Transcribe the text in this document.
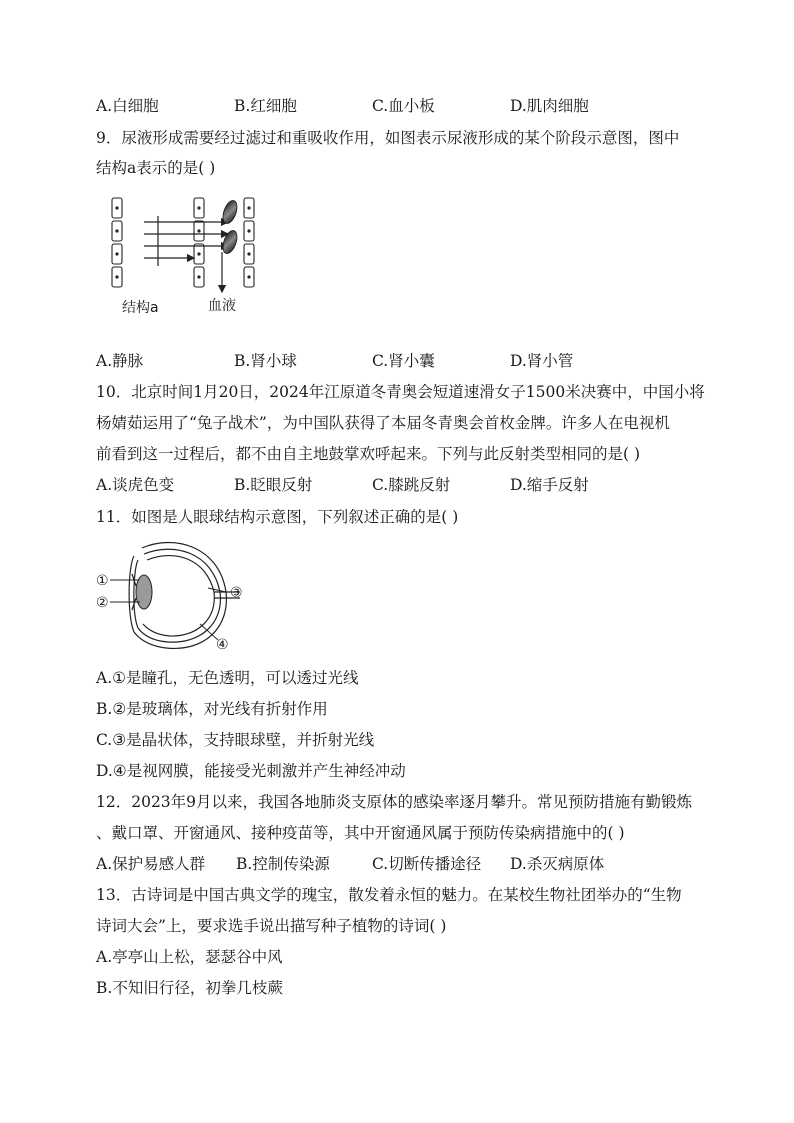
A.白细胞	B.红细胞	C.血小板	D.肌肉细胞
9．尿液形成需要经过滤过和重吸收作用，如图表示尿液形成的某个阶段示意图，图中
结构a表示的是( )
结构a	血液
A.静脉	B.肾小球	C.肾小囊	D.肾小管
10．北京时间1月20日，2024年江原道冬青奥会短道速滑女子1500米决赛中，中国小将
杨婧茹运用了“兔子战术”，为中国队获得了本届冬青奥会首枚金牌。许多人在电视机
前看到这一过程后，都不由自主地鼓掌欢呼起来。下列与此反射类型相同的是( )
A.谈虎色变	B.眨眼反射	C.膝跳反射	D.缩手反射
11．如图是人眼球结构示意图，下列叙述正确的是( )
①
②
③
④
A.①是瞳孔，无色透明，可以透过光线
B.②是玻璃体，对光线有折射作用
C.③是晶状体，支持眼球壁，并折射光线
D.④是视网膜，能接受光刺激并产生神经冲动
12．2023年9月以来，我国各地肺炎支原体的感染率逐月攀升。常见预防措施有勤锻炼
、戴口罩、开窗通风、接种疫苗等，其中开窗通风属于预防传染病措施中的( )
A.保护易感人群 B.控制传染源	C.切断传播途径 D.杀灭病原体
13．古诗词是中国古典文学的瑰宝，散发着永恒的魅力。在某校生物社团举办的“生物
诗词大会”上，要求选手说出描写种子植物的诗词( )
A.亭亭山上松，瑟瑟谷中风
B.不知旧行径，初拳几枝蕨
